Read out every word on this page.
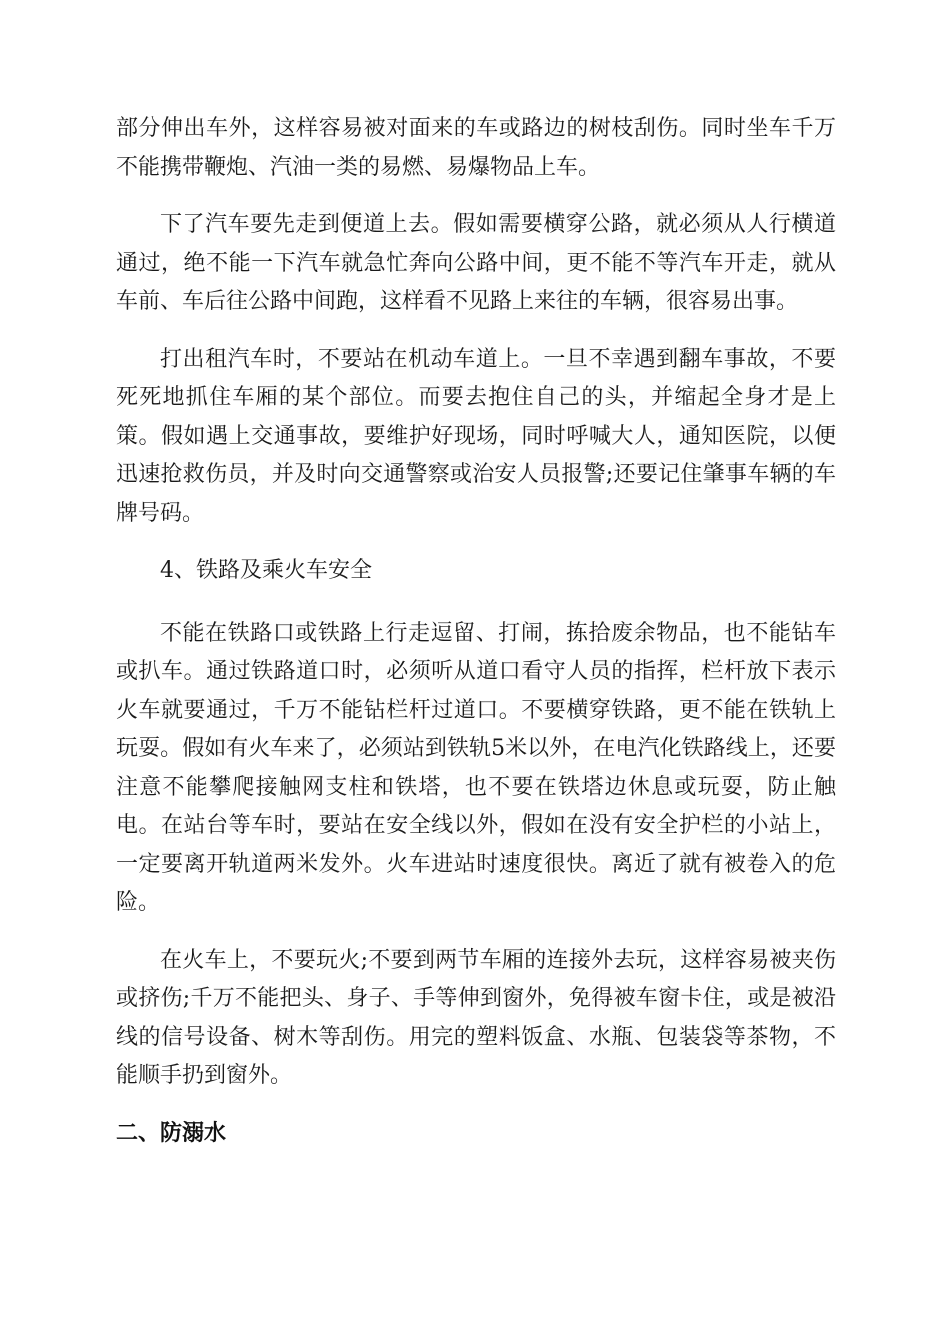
部分伸出车外，这样容易被对面来的车或路边的树枝刮伤。同时坐车千万不能携带鞭炮、汽油一类的易燃、易爆物品上车。

下了汽车要先走到便道上去。假如需要横穿公路，就必须从人行横道通过，绝不能一下汽车就急忙奔向公路中间，更不能不等汽车开走，就从车前、车后往公路中间跑，这样看不见路上来往的车辆，很容易出事。

打出租汽车时，不要站在机动车道上。一旦不幸遇到翻车事故，不要死死地抓住车厢的某个部位。而要去抱住自己的头，并缩起全身才是上策。假如遇上交通事故，要维护好现场，同时呼喊大人，通知医院，以便迅速抢救伤员，并及时向交通警察或治安人员报警;还要记住肇事车辆的车牌号码。

4、铁路及乘火车安全

不能在铁路口或铁路上行走逗留、打闹，拣拾废余物品，也不能钻车或扒车。通过铁路道口时，必须听从道口看守人员的指挥，栏杆放下表示火车就要通过，千万不能钻栏杆过道口。不要横穿铁路，更不能在铁轨上玩耍。假如有火车来了，必须站到铁轨5米以外，在电汽化铁路线上，还要注意不能攀爬接触网支柱和铁塔，也不要在铁塔边休息或玩耍，防止触电。在站台等车时，要站在安全线以外，假如在没有安全护栏的小站上，一定要离开轨道两米发外。火车进站时速度很快。离近了就有被卷入的危险。

在火车上，不要玩火;不要到两节车厢的连接外去玩，这样容易被夹伤或挤伤;千万不能把头、身子、手等伸到窗外，免得被车窗卡住，或是被沿线的信号设备、树木等刮伤。用完的塑料饭盒、水瓶、包装袋等茶物，不能顺手扔到窗外。

二、防溺水
